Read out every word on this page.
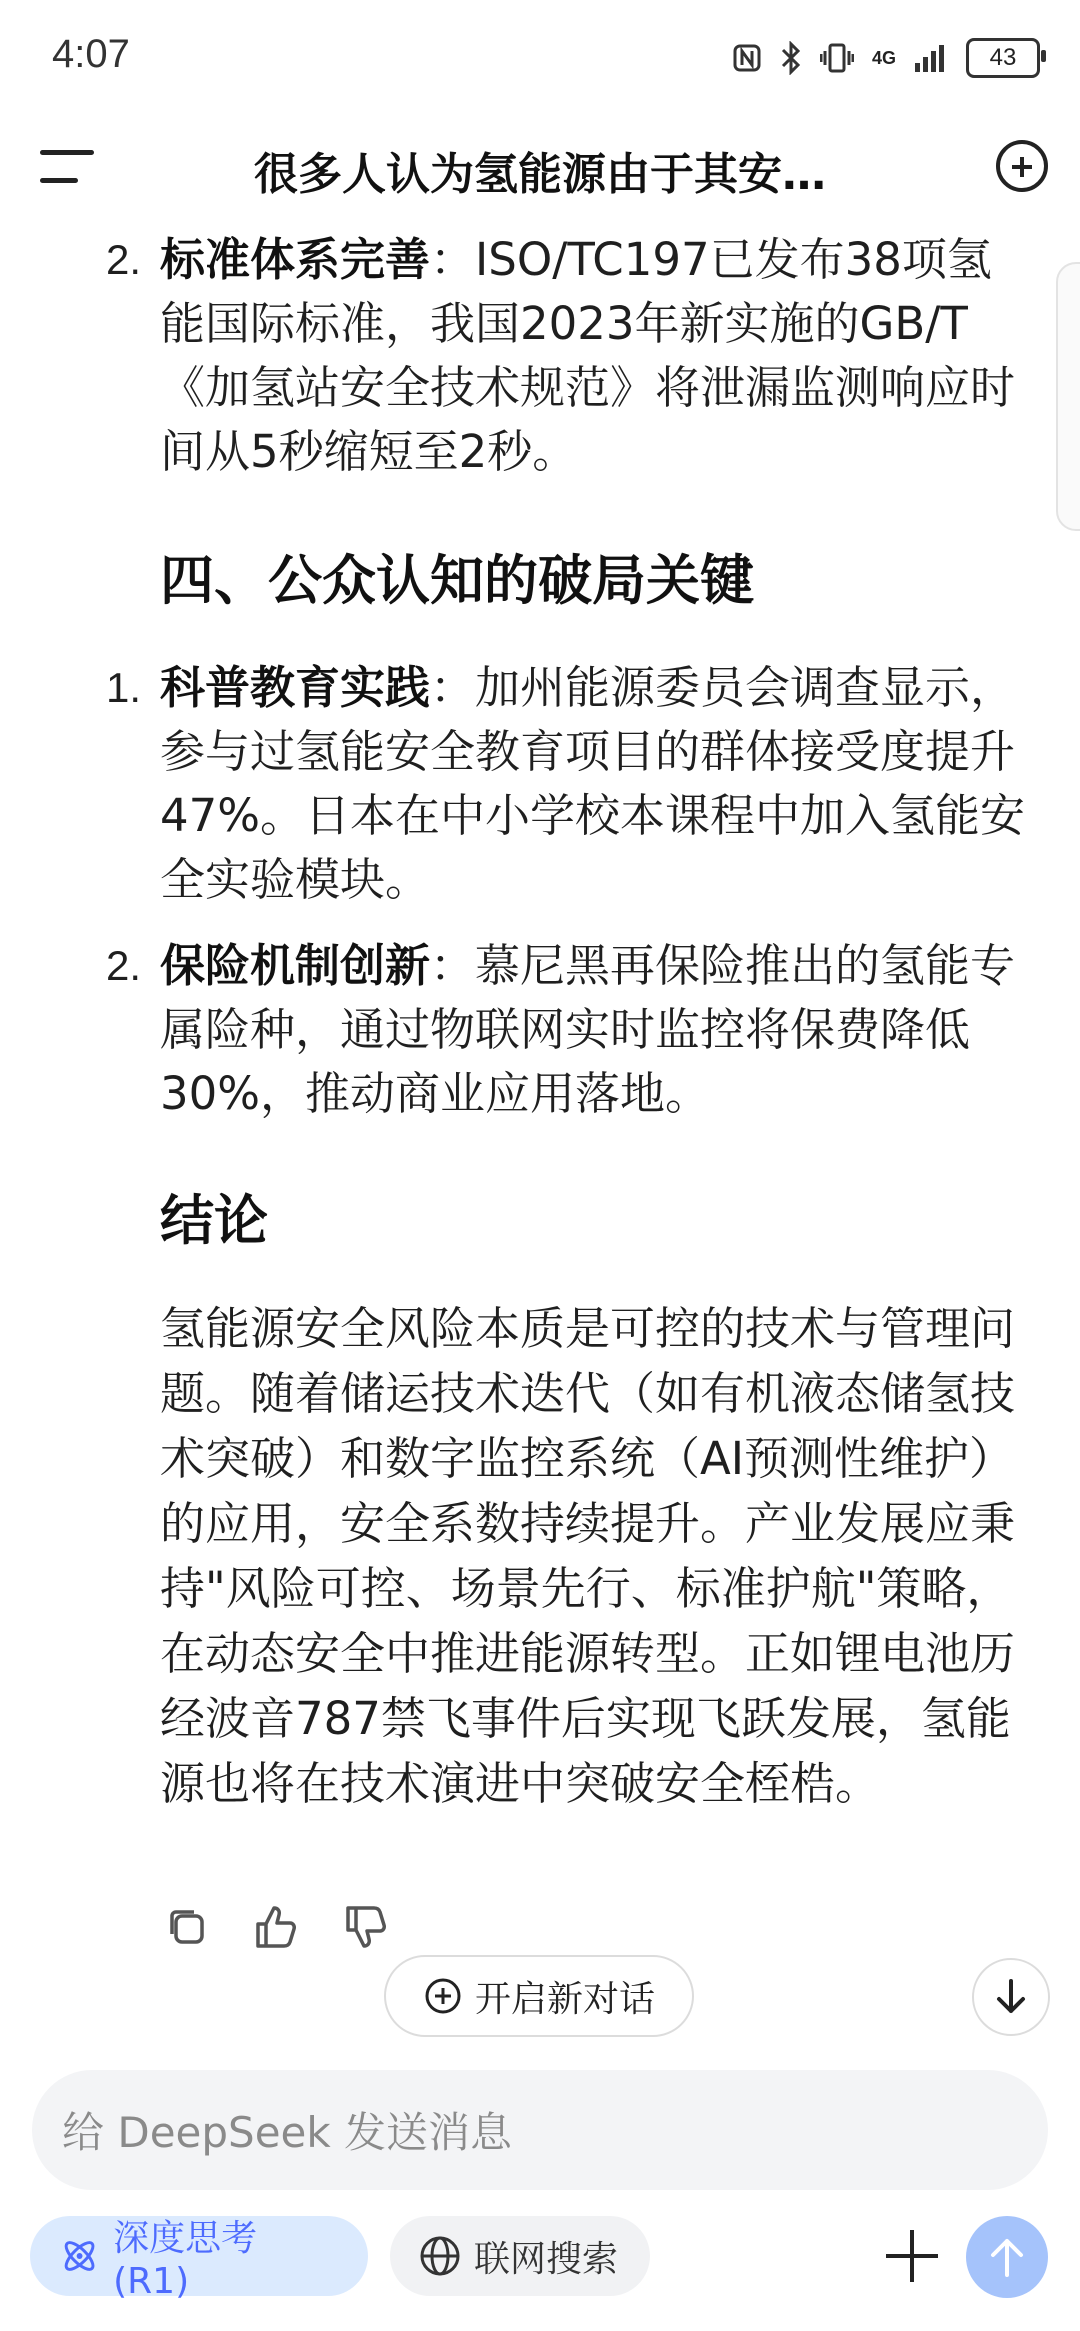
4:07	4G	43
很多人认为氢能源由于其安…
2. 标准体系完善：ISO/TC197已发布38项氢能国际标准，我国2023年新实施的GB/T《加氢站安全技术规范》将泄漏监测响应时间从5秒缩短至2秒。
四、公众认知的破局关键
1. 科普教育实践：加州能源委员会调查显示，参与过氢能安全教育项目的群体接受度提升47%。日本在中小学校本课程中加入氢能安全实验模块。
2. 保险机制创新：慕尼黑再保险推出的氢能专属险种，通过物联网实时监控将保费降低30%，推动商业应用落地。
结论
氢能源安全风险本质是可控的技术与管理问题。随着储运技术迭代（如有机液态储氢技术突破）和数字监控系统（AI预测性维护）的应用，安全系数持续提升。产业发展应秉持"风险可控、场景先行、标准护航"策略，在动态安全中推进能源转型。正如锂电池历经波音787禁飞事件后实现飞跃发展，氢能源也将在技术演进中突破安全桎梏。
开启新对话
给 DeepSeek 发送消息
深度思考 (R1)
联网搜索
